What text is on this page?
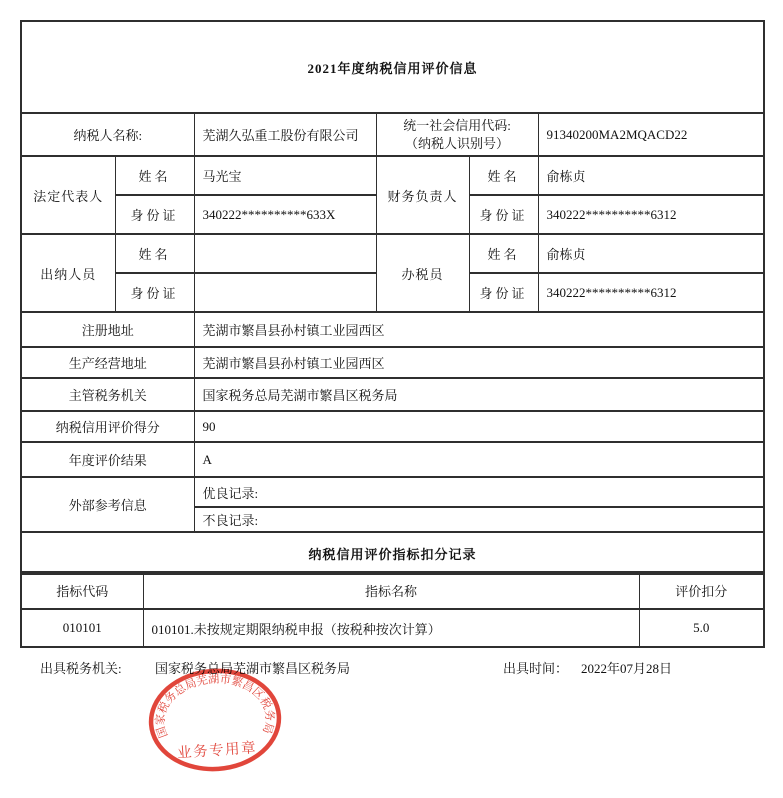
2021年度纳税信用评价信息					
纳税人名称:		芜湖久弘重工股份有限公司	统一社会信用代码:
（纳税人识别号）		91340200MA2MQACD22
法定代表人	姓名	马光宝	财务负责人	姓名	俞栋贞
	身份证	340222**********633X		身份证	340222**********6312
出纳人员	姓名		办税员	姓名	俞栋贞
	身份证			身份证	340222**********6312
注册地址		芜湖市繁昌县孙村镇工业园西区			
生产经营地址		芜湖市繁昌县孙村镇工业园西区			
主管税务机关		国家税务总局芜湖市繁昌区税务局			
纳税信用评价得分		90			
年度评价结果		A			
外部参考信息		优良记录:			
		不良记录:			
纳税信用评价指标扣分记录					
指标代码	指标名称	评价扣分
010101	010101.未按规定期限纳税申报（按税种按次计算）	5.0
出具税务机关:	国家税务总局芜湖市繁昌区税务局	出具时间： 2022年07月28日
国家税务总局芜湖市繁昌区税务局
业务专用章
